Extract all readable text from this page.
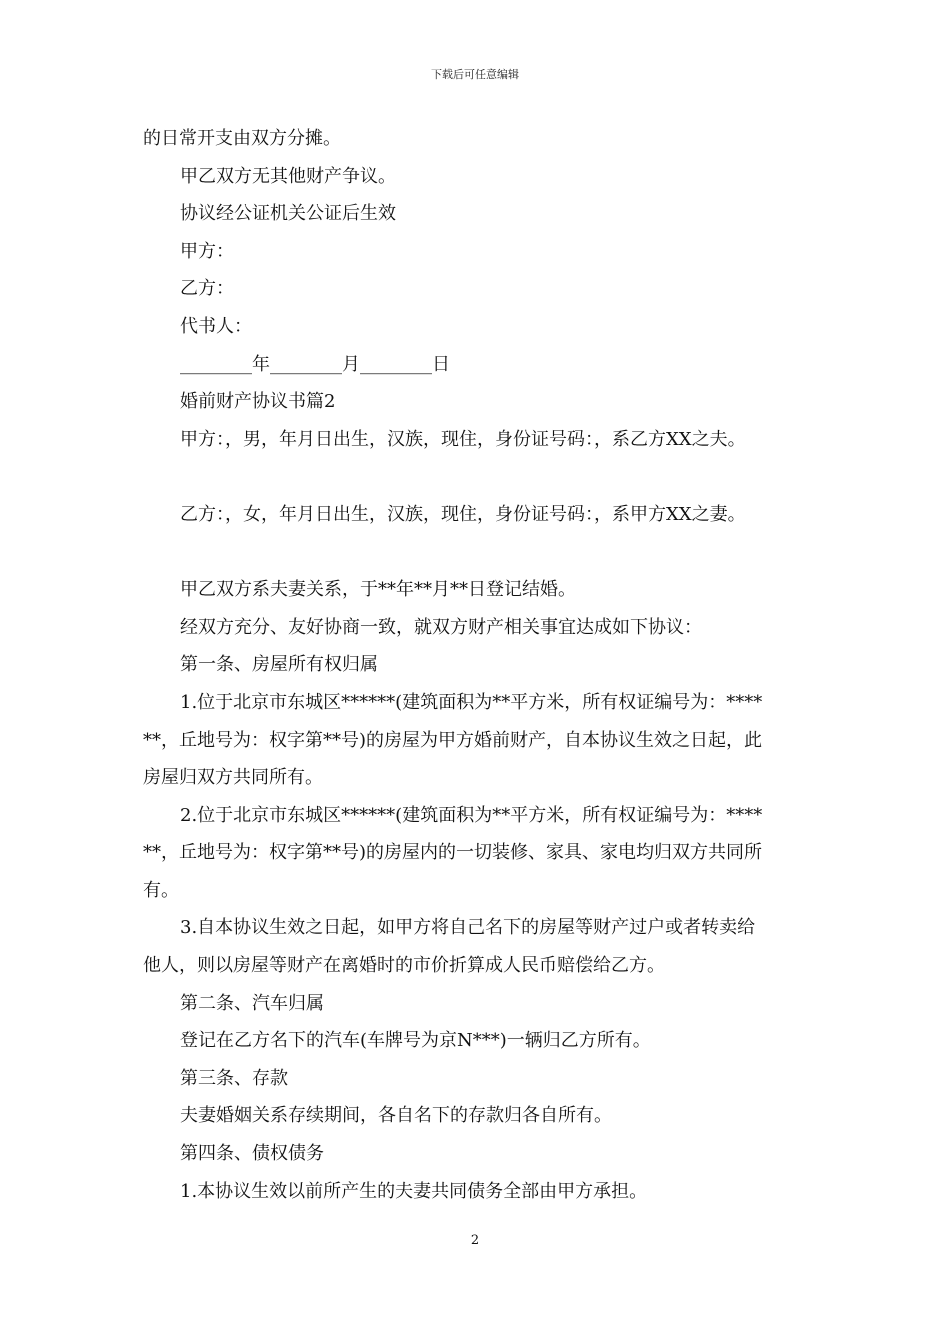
下载后可任意编辑
的日常开支由双方分摊。
甲乙双方无其他财产争议。
协议经公证机关公证后生效
甲方：
乙方：
代书人：
________年________月________日
婚前财产协议书篇2
甲方：，男，年月日出生，汉族，现住，身份证号码：，系乙方XX之夫。
乙方：，女，年月日出生，汉族，现住，身份证号码：，系甲方XX之妻。
甲乙双方系夫妻关系，于**年**月**日登记结婚。
经双方充分、友好协商一致，就双方财产相关事宜达成如下协议：
第一条、房屋所有权归属
1.位于北京市东城区******(建筑面积为**平方米，所有权证编号为：****
**，丘地号为：权字第**号)的房屋为甲方婚前财产，自本协议生效之日起，此
房屋归双方共同所有。
2.位于北京市东城区******(建筑面积为**平方米，所有权证编号为：****
**，丘地号为：权字第**号)的房屋内的一切装修、家具、家电均归双方共同所
有。
3.自本协议生效之日起，如甲方将自己名下的房屋等财产过户或者转卖给
他人，则以房屋等财产在离婚时的市价折算成人民币赔偿给乙方。
第二条、汽车归属
登记在乙方名下的汽车(车牌号为京N***)一辆归乙方所有。
第三条、存款
夫妻婚姻关系存续期间，各自名下的存款归各自所有。
第四条、债权债务
1.本协议生效以前所产生的夫妻共同债务全部由甲方承担。
2
